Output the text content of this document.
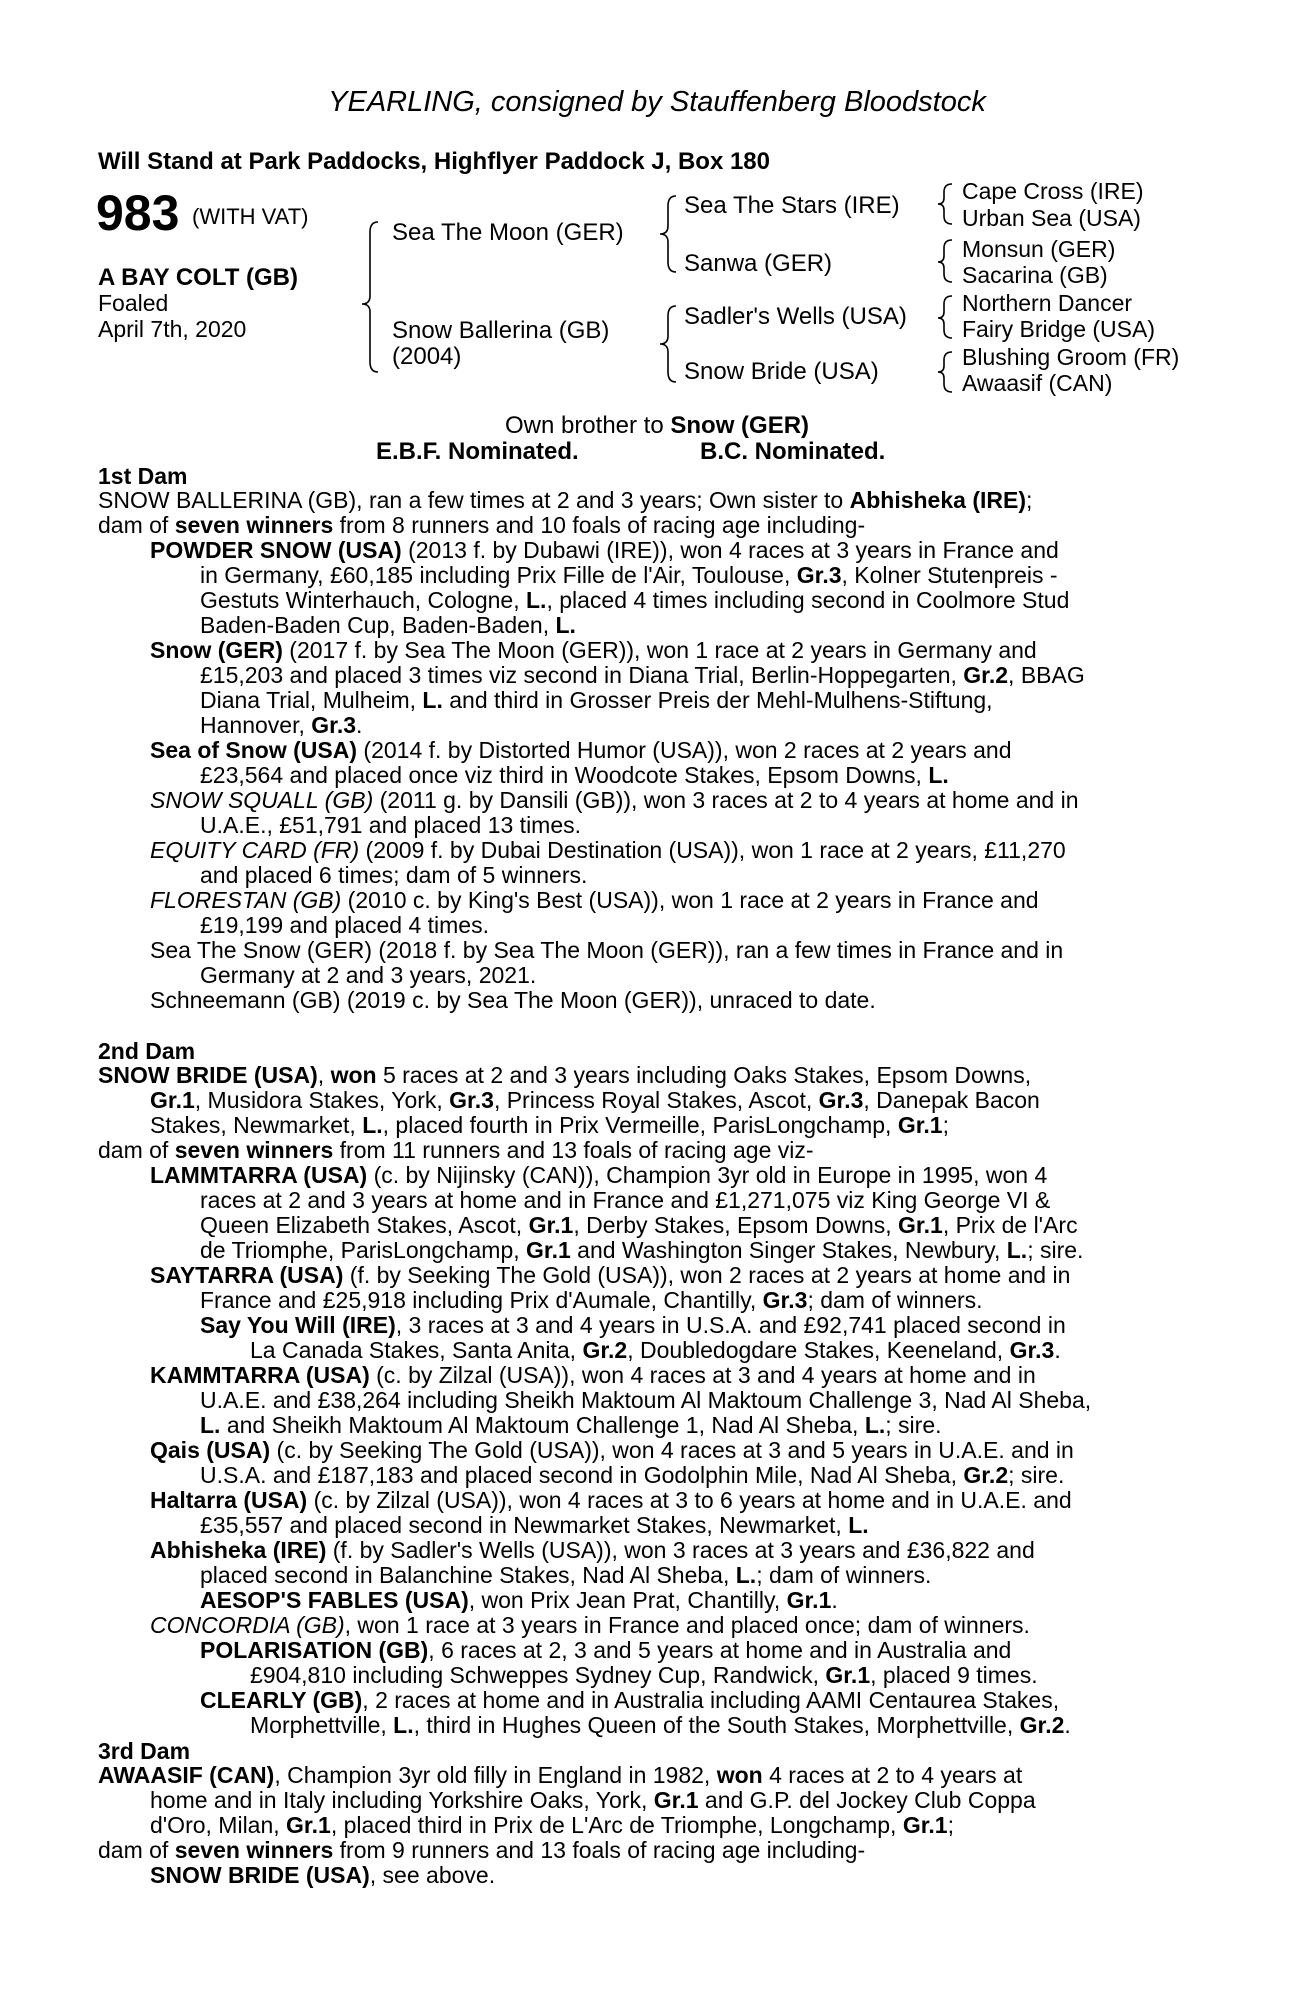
YEARLING, consigned by Stauffenberg Bloodstock
Will Stand at Park Paddocks, Highflyer Paddock J, Box 180
983 (WITH VAT)
A BAY COLT (GB)
Foaled
April 7th, 2020
Sea The Moon (GER)
Snow Ballerina (GB)
(2004)
Sea The Stars (IRE)
Sanwa (GER)
Sadler's Wells (USA)
Snow Bride (USA)
Cape Cross (IRE)
Urban Sea (USA)
Monsun (GER)
Sacarina (GB)
Northern Dancer
Fairy Bridge (USA)
Blushing Groom (FR)
Awaasif (CAN)
Own brother to Snow (GER)
E.B.F. Nominated.	B.C. Nominated.
1st Dam
SNOW BALLERINA (GB), ran a few times at 2 and 3 years; Own sister to Abhisheka (IRE);
dam of seven winners from 8 runners and 10 foals of racing age including-
POWDER SNOW (USA) (2013 f. by Dubawi (IRE)), won 4 races at 3 years in France and
in Germany, £60,185 including Prix Fille de l'Air, Toulouse, Gr.3, Kolner Stutenpreis -
Gestuts Winterhauch, Cologne, L., placed 4 times including second in Coolmore Stud
Baden-Baden Cup, Baden-Baden, L.
Snow (GER) (2017 f. by Sea The Moon (GER)), won 1 race at 2 years in Germany and
£15,203 and placed 3 times viz second in Diana Trial, Berlin-Hoppegarten, Gr.2, BBAG
Diana Trial, Mulheim, L. and third in Grosser Preis der Mehl-Mulhens-Stiftung,
Hannover, Gr.3.
Sea of Snow (USA) (2014 f. by Distorted Humor (USA)), won 2 races at 2 years and
£23,564 and placed once viz third in Woodcote Stakes, Epsom Downs, L.
SNOW SQUALL (GB) (2011 g. by Dansili (GB)), won 3 races at 2 to 4 years at home and in
U.A.E., £51,791 and placed 13 times.
EQUITY CARD (FR) (2009 f. by Dubai Destination (USA)), won 1 race at 2 years, £11,270
and placed 6 times; dam of 5 winners.
FLORESTAN (GB) (2010 c. by King's Best (USA)), won 1 race at 2 years in France and
£19,199 and placed 4 times.
Sea The Snow (GER) (2018 f. by Sea The Moon (GER)), ran a few times in France and in
Germany at 2 and 3 years, 2021.
Schneemann (GB) (2019 c. by Sea The Moon (GER)), unraced to date.
2nd Dam
SNOW BRIDE (USA), won 5 races at 2 and 3 years including Oaks Stakes, Epsom Downs,
Gr.1, Musidora Stakes, York, Gr.3, Princess Royal Stakes, Ascot, Gr.3, Danepak Bacon
Stakes, Newmarket, L., placed fourth in Prix Vermeille, ParisLongchamp, Gr.1;
dam of seven winners from 11 runners and 13 foals of racing age viz-
LAMMTARRA (USA) (c. by Nijinsky (CAN)), Champion 3yr old in Europe in 1995, won 4
races at 2 and 3 years at home and in France and £1,271,075 viz King George VI &
Queen Elizabeth Stakes, Ascot, Gr.1, Derby Stakes, Epsom Downs, Gr.1, Prix de l'Arc
de Triomphe, ParisLongchamp, Gr.1 and Washington Singer Stakes, Newbury, L.; sire.
SAYTARRA (USA) (f. by Seeking The Gold (USA)), won 2 races at 2 years at home and in
France and £25,918 including Prix d'Aumale, Chantilly, Gr.3; dam of winners.
Say You Will (IRE), 3 races at 3 and 4 years in U.S.A. and £92,741 placed second in
La Canada Stakes, Santa Anita, Gr.2, Doubledogdare Stakes, Keeneland, Gr.3.
KAMMTARRA (USA) (c. by Zilzal (USA)), won 4 races at 3 and 4 years at home and in
U.A.E. and £38,264 including Sheikh Maktoum Al Maktoum Challenge 3, Nad Al Sheba,
L. and Sheikh Maktoum Al Maktoum Challenge 1, Nad Al Sheba, L.; sire.
Qais (USA) (c. by Seeking The Gold (USA)), won 4 races at 3 and 5 years in U.A.E. and in
U.S.A. and £187,183 and placed second in Godolphin Mile, Nad Al Sheba, Gr.2; sire.
Haltarra (USA) (c. by Zilzal (USA)), won 4 races at 3 to 6 years at home and in U.A.E. and
£35,557 and placed second in Newmarket Stakes, Newmarket, L.
Abhisheka (IRE) (f. by Sadler's Wells (USA)), won 3 races at 3 years and £36,822 and
placed second in Balanchine Stakes, Nad Al Sheba, L.; dam of winners.
AESOP'S FABLES (USA), won Prix Jean Prat, Chantilly, Gr.1.
CONCORDIA (GB), won 1 race at 3 years in France and placed once; dam of winners.
POLARISATION (GB), 6 races at 2, 3 and 5 years at home and in Australia and
£904,810 including Schweppes Sydney Cup, Randwick, Gr.1, placed 9 times.
CLEARLY (GB), 2 races at home and in Australia including AAMI Centaurea Stakes,
Morphettville, L., third in Hughes Queen of the South Stakes, Morphettville, Gr.2.
3rd Dam
AWAASIF (CAN), Champion 3yr old filly in England in 1982, won 4 races at 2 to 4 years at
home and in Italy including Yorkshire Oaks, York, Gr.1 and G.P. del Jockey Club Coppa
d'Oro, Milan, Gr.1, placed third in Prix de L'Arc de Triomphe, Longchamp, Gr.1;
dam of seven winners from 9 runners and 13 foals of racing age including-
SNOW BRIDE (USA), see above.
